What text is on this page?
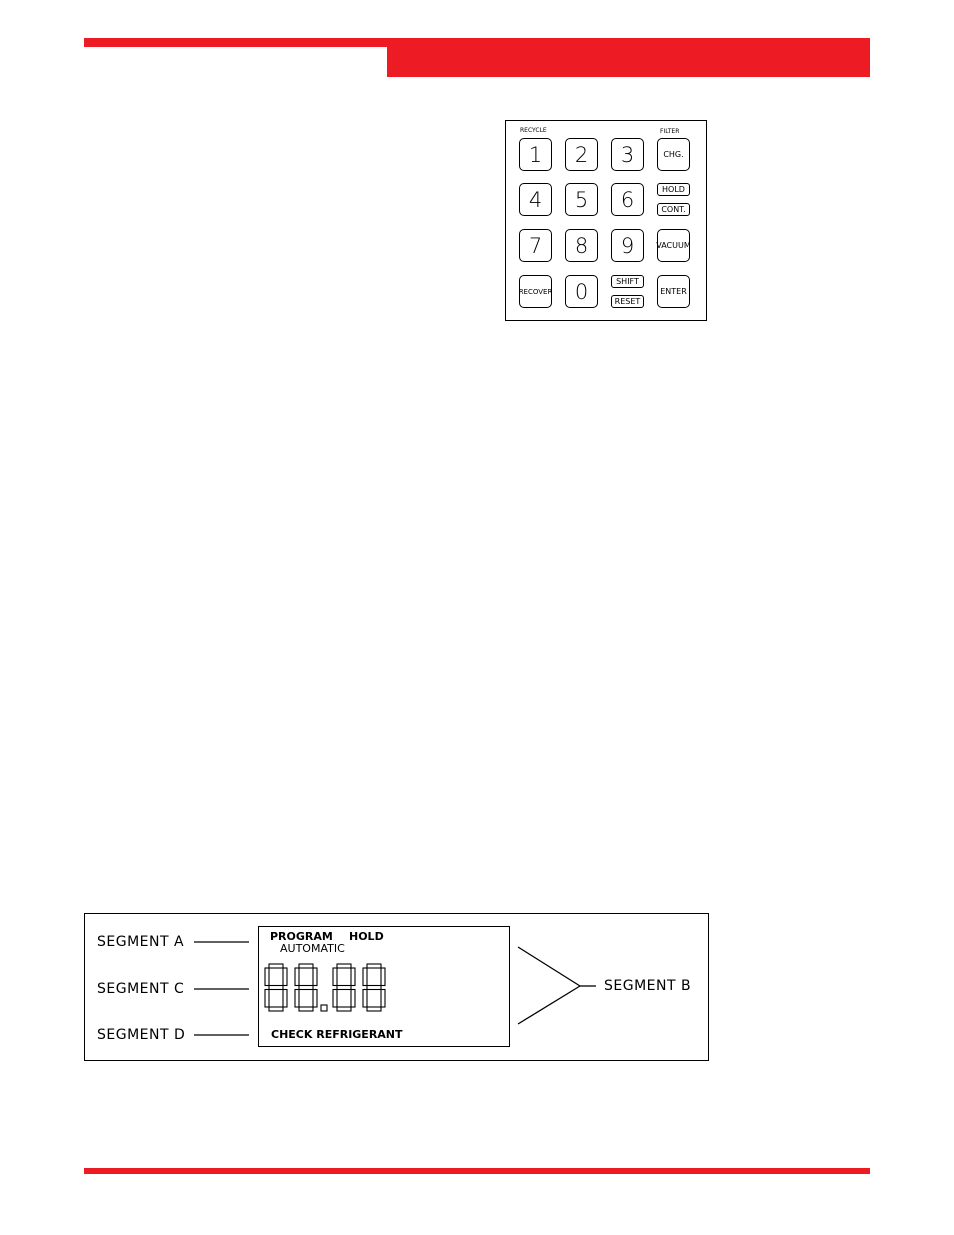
RECYCLE	FILTER
1	2	3	CHG.
4	5	6	HOLD
CONT.
7	8	9	VACUUM
RECOVER	0	SHIFT
RESET
ENTER
SEGMENT A
SEGMENT C
SEGMENT D
SEGMENT B
PROGRAM HOLD
AUTOMATIC
CHECK REFRIGERANT
